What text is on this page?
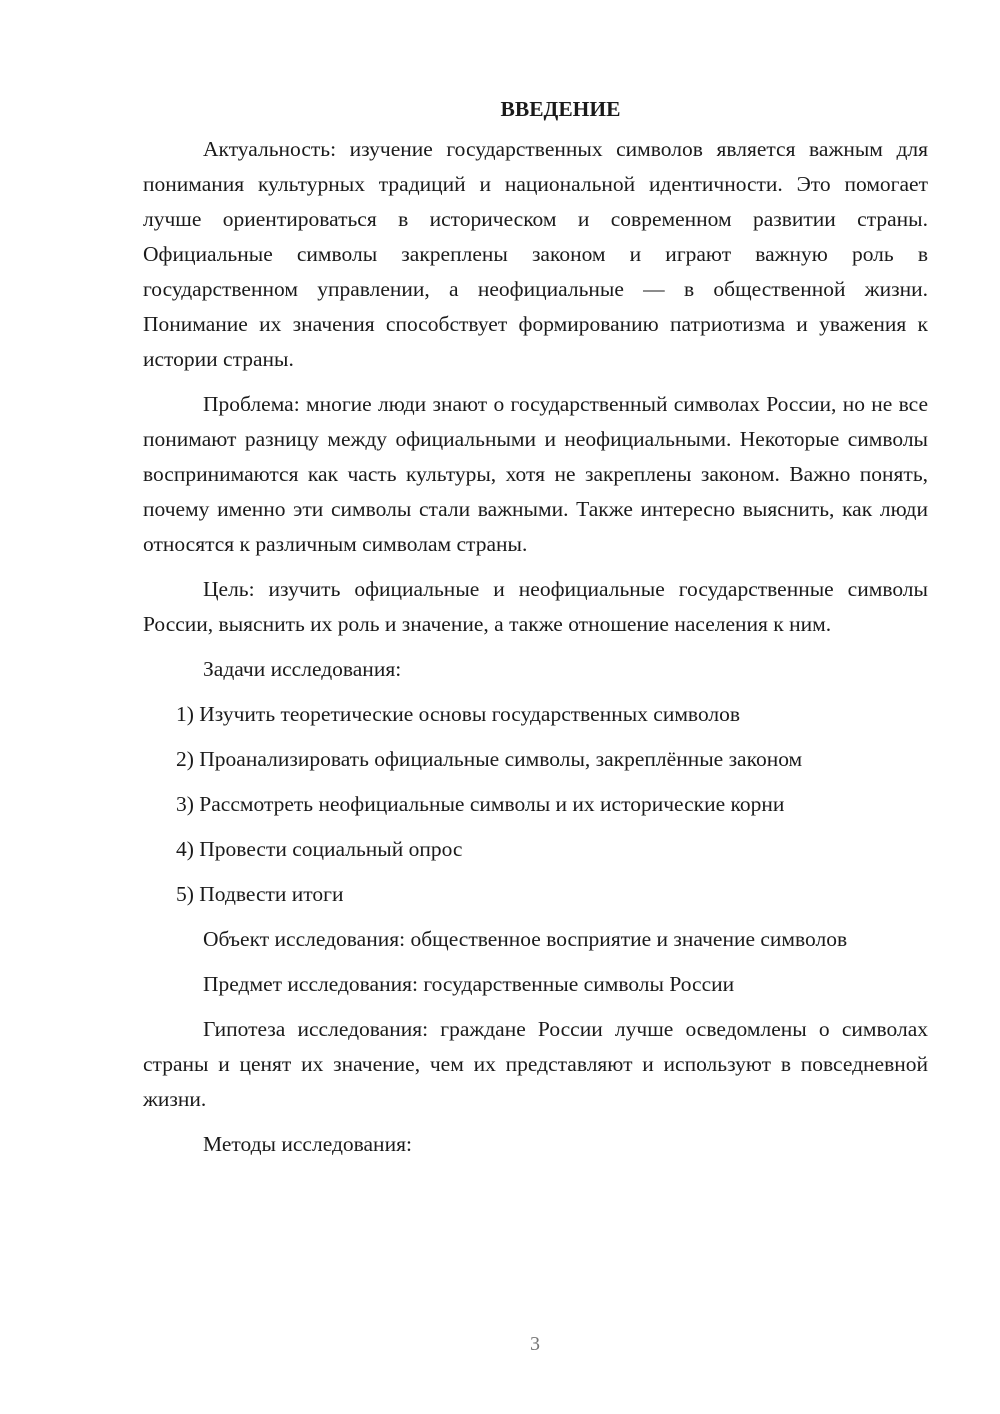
ВВЕДЕНИЕ

Актуальность: изучение государственных символов является важным для понимания культурных традиций и национальной идентичности. Это помогает лучше ориентироваться в историческом и современном развитии страны. Официальные символы закреплены законом и играют важную роль в государственном управлении, а неофициальные — в общественной жизни. Понимание их значения способствует формированию патриотизма и уважения к истории страны.

Проблема: многие люди знают о государственный символах России, но не все понимают разницу между официальными и неофициальными. Некоторые символы воспринимаются как часть культуры, хотя не закреплены законом. Важно понять, почему именно эти символы стали важными. Также интересно выяснить, как люди относятся к различным символам страны.

Цель: изучить официальные и неофициальные государственные символы России, выяснить их роль и значение, а также отношение населения к ним.

Задачи исследования:

1) Изучить теоретические основы государственных символов
2) Проанализировать официальные символы, закреплённые законом
3) Рассмотреть неофициальные символы и их исторические корни
4) Провести социальный опрос
5) Подвести итоги

Объект исследования: общественное восприятие и значение символов

Предмет исследования: государственные символы России

Гипотеза исследования: граждане России лучше осведомлены о символах страны и ценят их значение, чем их представляют и используют в повседневной жизни.

Методы исследования:

3
